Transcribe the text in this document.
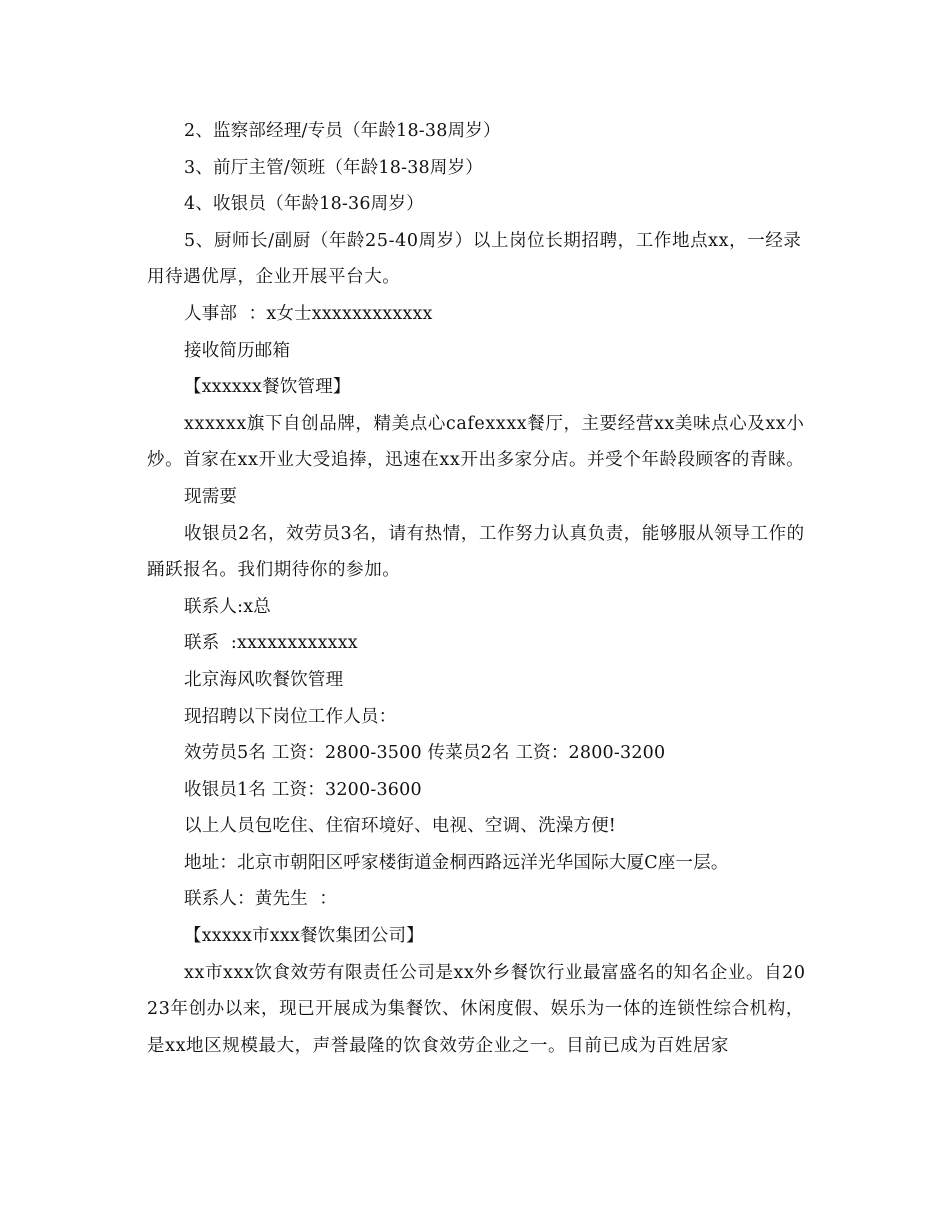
2、监察部经理/专员（年龄18-38周岁）

3、前厅主管/领班（年龄18-38周岁）

4、收银员（年龄18-36周岁）

5、厨师长/副厨（年龄25-40周岁）以上岗位长期招聘，工作地点xx，一经录用待遇优厚，企业开展平台大。

人事部  ：x女士xxxxxxxxxxxx

接收简历邮箱

【xxxxxx餐饮管理】

xxxxxx旗下自创品牌，精美点心cafexxxx餐厅，主要经营xx美味点心及xx小炒。首家在xx开业大受追捧，迅速在xx开出多家分店。并受个年龄段顾客的青睐。

现需要

收银员2名，效劳员3名，请有热情，工作努力认真负责，能够服从领导工作的踊跃报名。我们期待你的参加。

联系人:x总

联系  :xxxxxxxxxxxx

北京海风吹餐饮管理

现招聘以下岗位工作人员：

效劳员5名 工资：2800-3500 传菜员2名 工资：2800-3200

收银员1名 工资：3200-3600

以上人员包吃住、住宿环境好、电视、空调、洗澡方便!

地址：北京市朝阳区呼家楼街道金桐西路远洋光华国际大厦C座一层。

联系人：黄先生  ：

【xxxxx市xxx餐饮集团公司】

xx市xxx饮食效劳有限责任公司是xx外乡餐饮行业最富盛名的知名企业。自2023年创办以来，现已开展成为集餐饮、休闲度假、娱乐为一体的连锁性综合机构，是xx地区规模最大，声誉最隆的饮食效劳企业之一。目前已成为百姓居家
